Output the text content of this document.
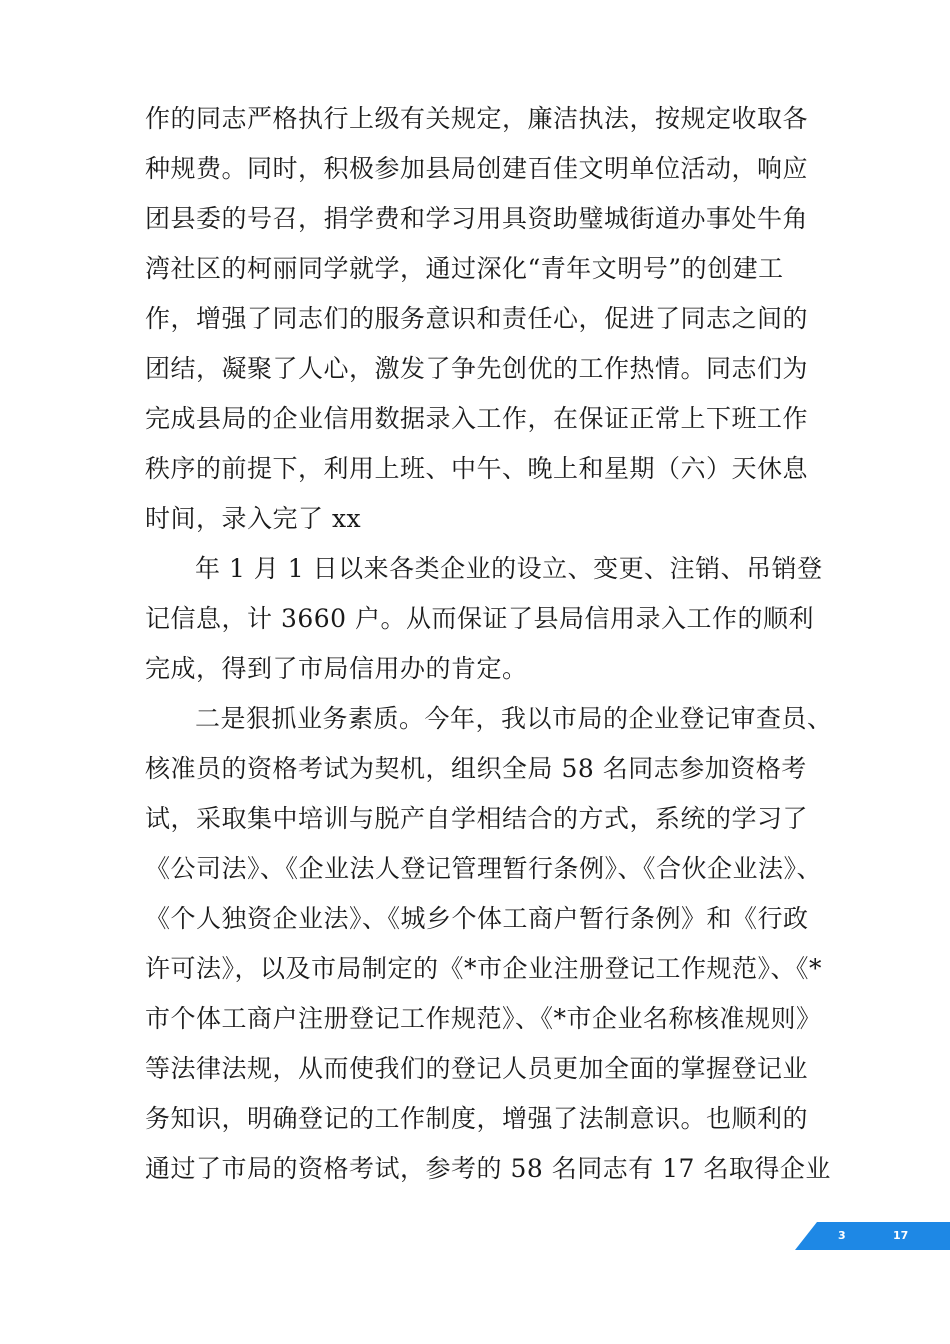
作的同志严格执行上级有关规定，廉洁执法，按规定收取各
种规费。同时，积极参加县局创建百佳文明单位活动，响应
团县委的号召，捐学费和学习用具资助璧城街道办事处牛角
湾社区的柯丽同学就学，通过深化“青年文明号”的创建工
作，增强了同志们的服务意识和责任心，促进了同志之间的
团结，凝聚了人心，激发了争先创优的工作热情。同志们为
完成县局的企业信用数据录入工作，在保证正常上下班工作
秩序的前提下，利用上班、中午、晚上和星期（六）天休息
时间，录入完了 xx
年 1 月 1 日以来各类企业的设立、变更、注销、吊销登
记信息，计 3660 户。从而保证了县局信用录入工作的顺利
完成，得到了市局信用办的肯定。
二是狠抓业务素质。今年，我以市局的企业登记审查员、
核准员的资格考试为契机，组织全局 58 名同志参加资格考
试，采取集中培训与脱产自学相结合的方式，系统的学习了
《公司法》、《企业法人登记管理暂行条例》、《合伙企业法》、
《个人独资企业法》、《城乡个体工商户暂行条例》和《行政
许可法》，以及市局制定的《*市企业注册登记工作规范》、《*
市个体工商户注册登记工作规范》、《*市企业名称核准规则》
等法律法规，从而使我们的登记人员更加全面的掌握登记业
务知识，明确登记的工作制度，增强了法制意识。也顺利的
通过了市局的资格考试，参考的 58 名同志有 17 名取得企业
3	17
